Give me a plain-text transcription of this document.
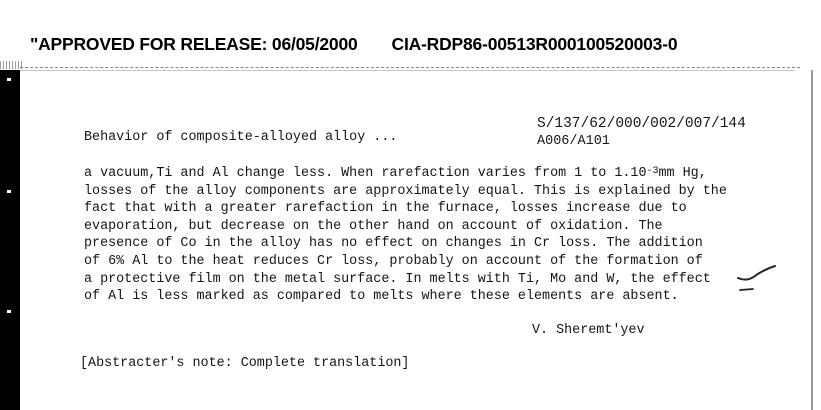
"APPROVED FOR RELEASE: 06/05/2000 CIA-RDP86-00513R000100520003-0
S/137/62/000/002/007/144
A006/A101
Behavior of composite-alloyed alloy ...
a vacuum,Ti and Al change less. When rarefaction varies from 1 to $1.10^{-3}mm$ Hg,
losses of the alloy components are approximately equal. This is explained by the
fact that with a greater rarefaction in the furnace, losses increase due to
evaporation, but decrease on the other hand on account of oxidation. The
presence of Co in the alloy has no effect on changes in Cr loss. The addition
of 6% Al to the heat reduces Cr loss, probably on account of the formation of
a protective film on the metal surface. In melts with Ti, Mo and W, the effect
of Al is less marked as compared to melts where these elements are absent.
V. Sheremt'yev
[Abstracter's note: Complete translation]
